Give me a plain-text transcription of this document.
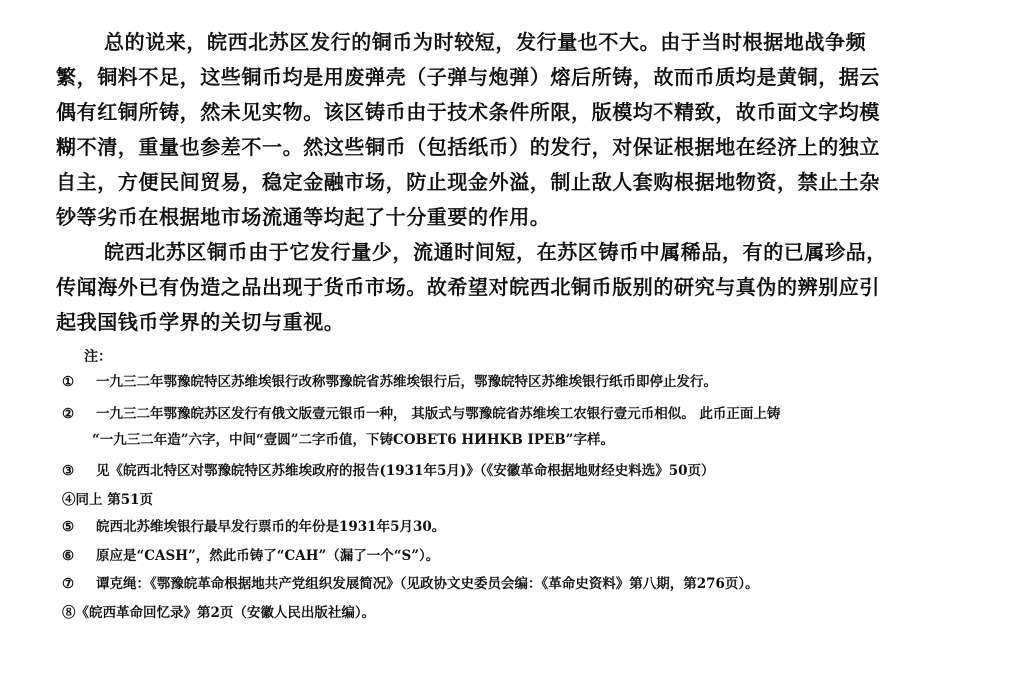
总的说来，皖西北苏区发行的铜币为时较短，发行量也不大。由于当时根据地战争频
繁，铜料不足，这些铜币均是用废弹壳（子弹与炮弹）熔后所铸，故而币质均是黄铜，据云
偶有红铜所铸，然未见实物。该区铸币由于技术条件所限，版模均不精致，故币面文字均模
糊不清，重量也参差不一。然这些铜币（包括纸币）的发行，对保证根据地在经济上的独立
自主，方便民间贸易，稳定金融市场，防止现金外溢，制止敌人套购根据地物资，禁止土杂
钞等劣币在根据地市场流通等均起了十分重要的作用。
皖西北苏区铜币由于它发行量少，流通时间短，在苏区铸币中属稀品，有的已属珍品，
传闻海外已有伪造之品出现于货币市场。故希望对皖西北铜币版别的研究与真伪的辨别应引
起我国钱币学界的关切与重视。
注：
① 一九三二年鄂豫皖特区苏维埃银行改称鄂豫皖省苏维埃银行后，鄂豫皖特区苏维埃银行纸币即停止发行。
② 一九三二年鄂豫皖苏区发行有俄文版壹元银币一种， 其版式与鄂豫皖省苏维埃工农银行壹元币相似。 此币正面上铸
“一九三二年造”六字，中间“壹圆”二字币值，下铸COBET6 HИHKB IPEB”字样。
③ 见《皖西北特区对鄂豫皖特区苏维埃政府的报告(1931年5月)》（《安徽革命根据地财经史料选》50页）
④同上 第51页
⑤ 皖西北苏维埃银行最早发行票币的年份是1931年5月30。
⑥ 原应是“CASH”，然此币铸了“CAH”（漏了一个“S”）。
⑦ 谭克绳：《鄂豫皖革命根据地共产党组织发展简况》（见政协文史委员会编：《革命史资料》第八期，第276页）。
⑧《皖西革命回忆录》第2页（安徽人民出版社编）。
